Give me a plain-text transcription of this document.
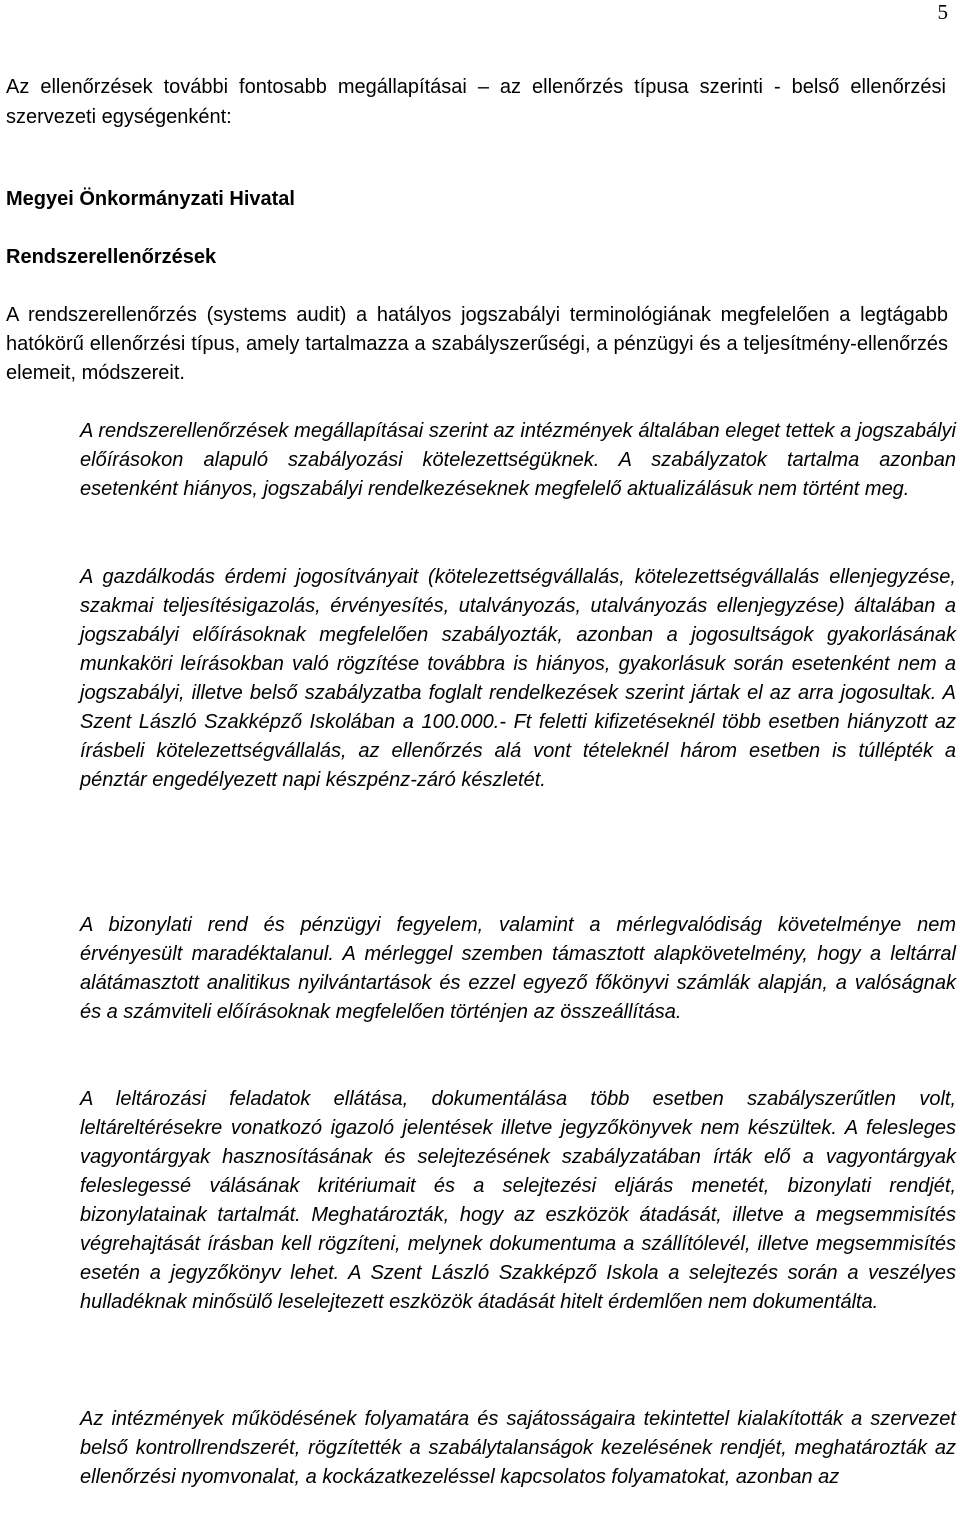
5

Az ellenőrzések további fontosabb megállapításai – az ellenőrzés típusa szerinti - belső ellenőrzési szervezeti egységenként:

Megyei Önkormányzati Hivatal
Rendszerellenőrzések

A rendszerellenőrzés (systems audit) a hatályos jogszabályi terminológiának megfelelően a legtágabb hatókörű ellenőrzési típus, amely tartalmazza a szabályszerűségi, a pénzügyi és a teljesítmény-ellenőrzés elemeit, módszereit.

A rendszerellenőrzések megállapításai szerint az intézmények általában eleget tettek a jogszabályi előírásokon alapuló szabályozási kötelezettségüknek. A szabályzatok tartalma azonban esetenként hiányos, jogszabályi rendelkezéseknek megfelelő aktualizálásuk nem történt meg.

A gazdálkodás érdemi jogosítványait (kötelezettségvállalás, kötelezettségvállalás ellenjegyzése, szakmai teljesítésigazolás, érvényesítés, utalványozás, utalványozás ellenjegyzése) általában a jogszabályi előírásoknak megfelelően szabályozták, azonban a jogosultságok gyakorlásának munkaköri leírásokban való rögzítése továbbra is hiányos, gyakorlásuk során esetenként nem a jogszabályi, illetve belső szabályzatba foglalt rendelkezések szerint jártak el az arra jogosultak. A Szent László Szakképző Iskolában a 100.000.- Ft feletti kifizetéseknél több esetben hiányzott az írásbeli kötelezettségvállalás, az ellenőrzés alá vont tételeknél három esetben is túllépték a pénztár engedélyezett napi készpénz-záró készletét.

A bizonylati rend és pénzügyi fegyelem, valamint a mérlegvalódiság követelménye nem érvényesült maradéktalanul. A mérleggel szemben támasztott alapkövetelmény, hogy a leltárral alátámasztott analitikus nyilvántartások és ezzel egyező főkönyvi számlák alapján, a valóságnak és a számviteli előírásoknak megfelelően történjen az összeállítása.

A leltározási feladatok ellátása, dokumentálása több esetben szabályszerűtlen volt, leltáreltérésekre vonatkozó igazoló jelentések illetve jegyzőkönyvek nem készültek. A felesleges vagyontárgyak hasznosításának és selejtezésének szabályzatában írták elő a vagyontárgyak feleslegessé válásának kritériumait és a selejtezési eljárás menetét, bizonylati rendjét, bizonylatainak tartalmát. Meghatározták, hogy az eszközök átadását, illetve a megsemmisítés végrehajtását írásban kell rögzíteni, melynek dokumentuma a szállítólevél, illetve megsemmisítés esetén a jegyzőkönyv lehet. A Szent László Szakképző Iskola a selejtezés során a veszélyes hulladéknak minősülő leselejtezett eszközök átadását hitelt érdemlően nem dokumentálta.

Az intézmények működésének folyamatára és sajátosságaira tekintettel kialakították a szervezet belső kontrollrendszerét, rögzítették a szabálytalanságok kezelésének rendjét, meghatározták az ellenőrzési nyomvonalat, a kockázatkezeléssel kapcsolatos folyamatokat, azonban az
